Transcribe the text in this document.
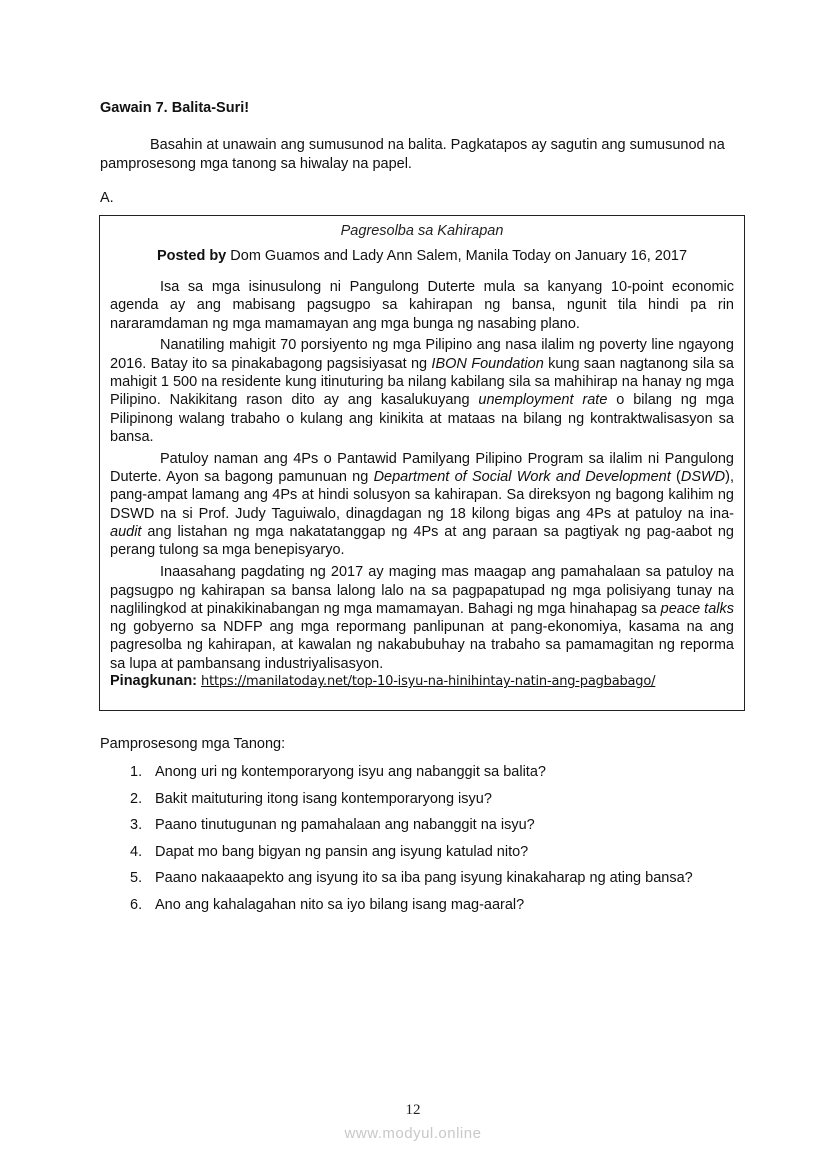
Gawain 7. Balita-Suri!
Basahin at unawain ang sumusunod na balita. Pagkatapos ay sagutin ang sumusunod na pamprosesong mga tanong sa hiwalay na papel.
A.
Pagresolba sa Kahirapan
Posted by Dom Guamos and Lady Ann Salem, Manila Today on January 16, 2017

Isa sa mga isinusulong ni Pangulong Duterte mula sa kanyang 10-point economic agenda ay ang mabisang pagsugpo sa kahirapan ng bansa, ngunit tila hindi pa rin nararamdaman ng mga mamamayan ang mga bunga ng nasabing plano.

Nanatiling mahigit 70 porsiyento ng mga Pilipino ang nasa ilalim ng poverty line ngayong 2016. Batay ito sa pinakabagong pagsisiyasat ng IBON Foundation kung saan nagtanong sila sa mahigit 1 500 na residente kung itinuturing ba nilang kabilang sila sa mahihirap na hanay ng mga Pilipino. Nakikitang rason dito ay ang kasalukuyang unemployment rate o bilang ng mga Pilipinong walang trabaho o kulang ang kinikita at mataas na bilang ng kontraktwalisasyon sa bansa.

Patuloy naman ang 4Ps o Pantawid Pamilyang Pilipino Program sa ilalim ni Pangulong Duterte. Ayon sa bagong pamunuan ng Department of Social Work and Development (DSWD), pang-ampat lamang ang 4Ps at hindi solusyon sa kahirapan. Sa direksyon ng bagong kalihim ng DSWD na si Prof. Judy Taguiwalo, dinagdagan ng 18 kilong bigas ang 4Ps at patuloy na ina-audit ang listahan ng mga nakatatanggap ng 4Ps at ang paraan sa pagtiyak ng pag-aabot ng perang tulong sa mga benepisyaryo.

Inaasahang pagdating ng 2017 ay maging mas maagap ang pamahalaan sa patuloy na pagsugpo ng kahirapan sa bansa lalong lalo na sa pagpapatupad ng mga polisiyang tunay na naglilingkod at pinakikinabangan ng mga mamamayan. Bahagi ng mga hinahapag sa peace talks ng gobyerno sa NDFP ang mga repormang panlipunan at pang-ekonomiya, kasama na ang pagresolba ng kahirapan, at kawalan ng nakabubuhay na trabaho sa pamamagitan ng reporma sa lupa at pambansang industriyalisasyon.

Pinagkunan: https://manilatoday.net/top-10-isyu-na-hinihintay-natin-ang-pagbabago/
Pamprosesong mga Tanong:
1. Anong uri ng kontemporaryong isyu ang nabanggit sa balita?
2. Bakit maituturing itong isang kontemporaryong isyu?
3. Paano tinutugunan ng pamahalaan ang nabanggit na isyu?
4. Dapat mo bang bigyan ng pansin ang isyung katulad nito?
5. Paano nakaaapekto ang isyung ito sa iba pang isyung kinakaharap ng ating bansa?
6. Ano ang kahalagahan nito sa iyo bilang isang mag-aaral?
12
www.modyul.online
